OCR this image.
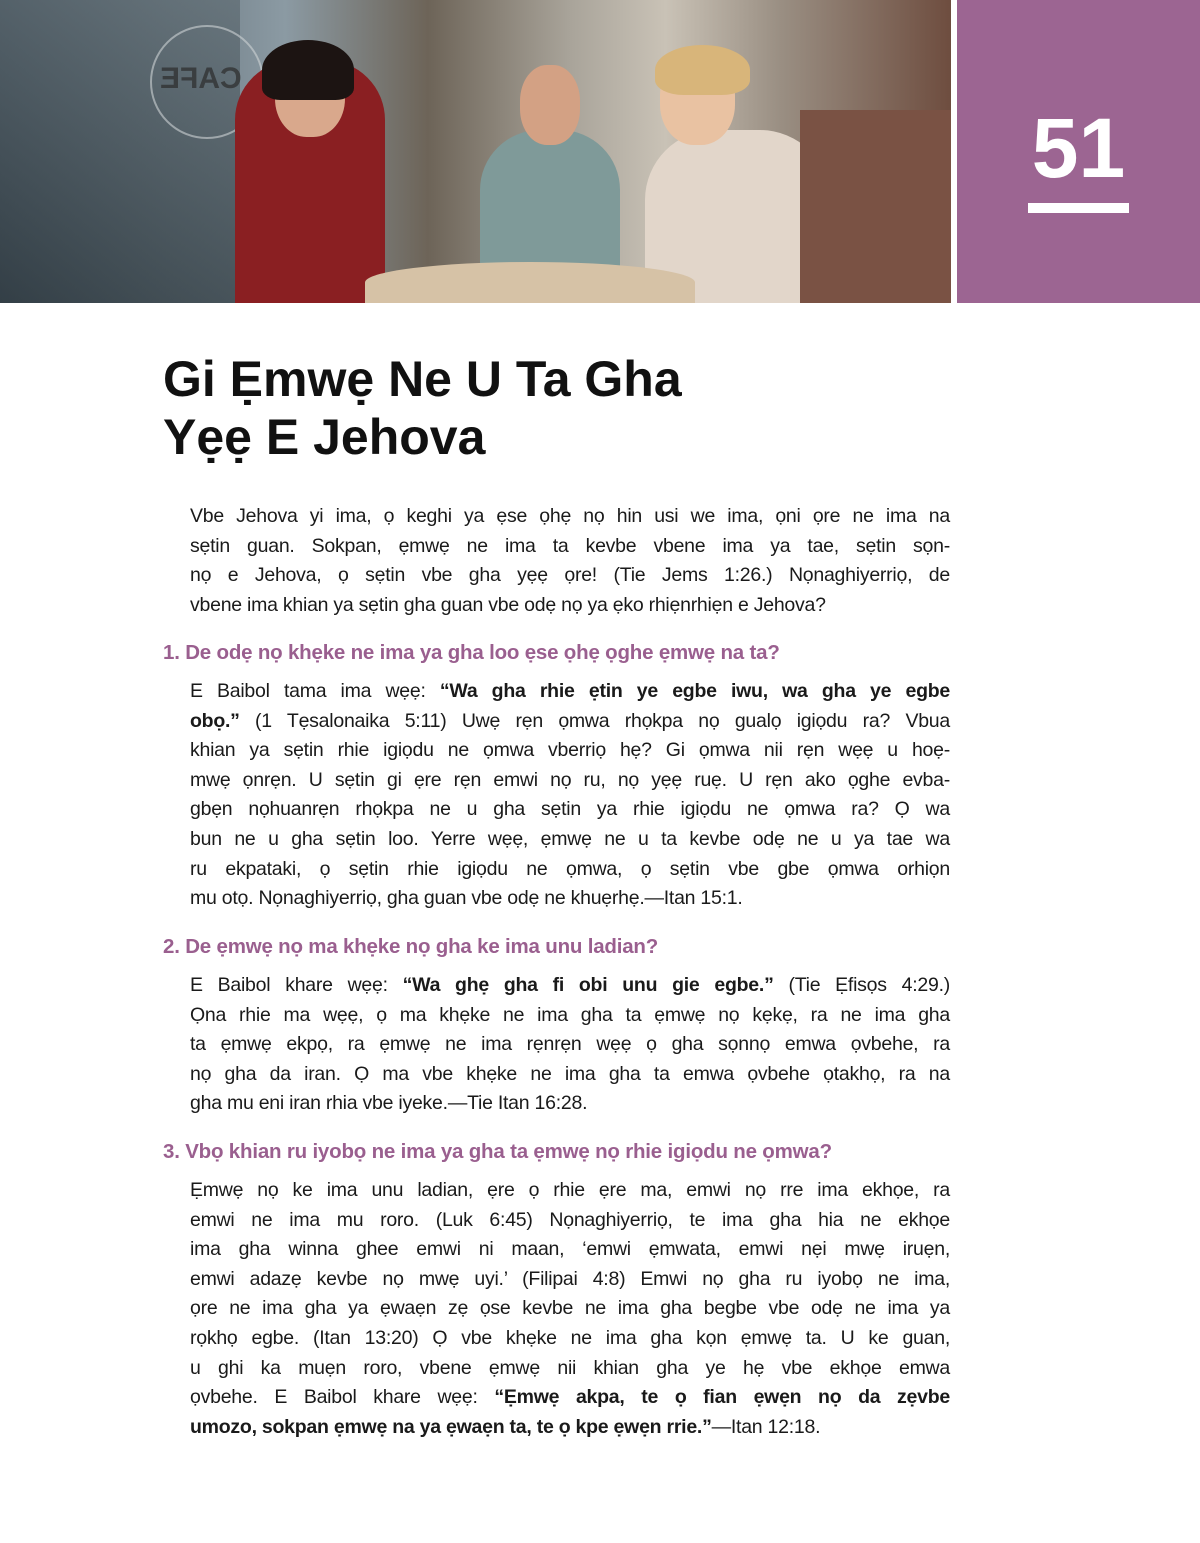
CAFE
51
Gi Ẹmwẹ Ne U Ta Gha
Yẹẹ E Jehova
Vbe Jehova yi ima, ọ keghi ya ẹse ọhẹ nọ hin usi we ima, ọni ọre ne ima na
sẹtin guan. Sokpan, ẹmwẹ ne ima ta kevbe vbene ima ya tae, sẹtin sọn-
nọ e Jehova, ọ sẹtin vbe gha yẹẹ ọre! (Tie Jems 1:26.) Nọnaghiyerriọ, de
vbene ima khian ya sẹtin gha guan vbe odẹ nọ ya ẹko rhiẹnrhiẹn e Jehova?
1. De odẹ nọ khẹke ne ima ya gha loo ẹse ọhẹ ọghe ẹmwẹ na ta?
E Baibol tama ima wẹẹ: “Wa gha rhie ẹtin ye egbe iwu, wa gha ye egbe
obọ.” (1 Tẹsalonaika 5:11) Uwẹ rẹn ọmwa rhọkpa nọ gualọ igiọdu ra? Vbua
khian ya sẹtin rhie igiọdu ne ọmwa vberriọ hẹ? Gi ọmwa nii rẹn wẹẹ u hoẹ-
mwẹ ọnrẹn. U sẹtin gi ẹre rẹn emwi nọ ru, nọ yẹẹ ruẹ. U rẹn ako ọghe evba-
gbẹn nọhuanrẹn rhọkpa ne u gha sẹtin ya rhie igiọdu ne ọmwa ra? Ọ wa
bun ne u gha sẹtin loo. Yerre wẹẹ, ẹmwẹ ne u ta kevbe odẹ ne u ya tae wa
ru ekpataki, ọ sẹtin rhie igiọdu ne ọmwa, ọ sẹtin vbe gbe ọmwa orhiọn
mu otọ. Nọnaghiyerriọ, gha guan vbe odẹ ne khuẹrhẹ.—Itan 15:1.
2. De ẹmwẹ nọ ma khẹke nọ gha ke ima unu ladian?
E Baibol khare wẹẹ: “Wa ghẹ gha fi obi unu gie egbe.” (Tie Ẹfisọs 4:29.)
Ọna rhie ma wẹẹ, ọ ma khẹke ne ima gha ta ẹmwẹ nọ kẹkẹ, ra ne ima gha
ta ẹmwẹ ekpọ, ra ẹmwẹ ne ima rẹnrẹn wẹẹ ọ gha sọnnọ emwa ọvbehe, ra
nọ gha da iran. Ọ ma vbe khẹke ne ima gha ta emwa ọvbehe ọtakhọ, ra na
gha mu eni iran rhia vbe iyeke.—Tie Itan 16:28.
3. Vbọ khian ru iyobọ ne ima ya gha ta ẹmwẹ nọ rhie igiọdu ne ọmwa?
Ẹmwẹ nọ ke ima unu ladian, ẹre ọ rhie ẹre ma, emwi nọ rre ima ekhọe, ra
emwi ne ima mu roro. (Luk 6:45) Nọnaghiyerriọ, te ima gha hia ne ekhọe
ima gha winna ghee emwi ni maan, ‘emwi ẹmwata, emwi nẹi mwẹ iruẹn,
emwi adazẹ kevbe nọ mwẹ uyi.’ (Filipai 4:8) Emwi nọ gha ru iyobọ ne ima,
ọre ne ima gha ya ẹwaẹn zẹ ọse kevbe ne ima gha begbe vbe odẹ ne ima ya
rọkhọ egbe. (Itan 13:20) Ọ vbe khẹke ne ima gha kọn ẹmwẹ ta. U ke guan,
u ghi ka muẹn roro, vbene ẹmwẹ nii khian gha ye hẹ vbe ekhọe emwa
ọvbehe. E Baibol khare wẹẹ: “Ẹmwẹ akpa, te ọ fian ẹwẹn nọ da zẹvbe
umozo, sokpan ẹmwẹ na ya ẹwaẹn ta, te ọ kpe ẹwẹn rrie.”—Itan 12:18.
